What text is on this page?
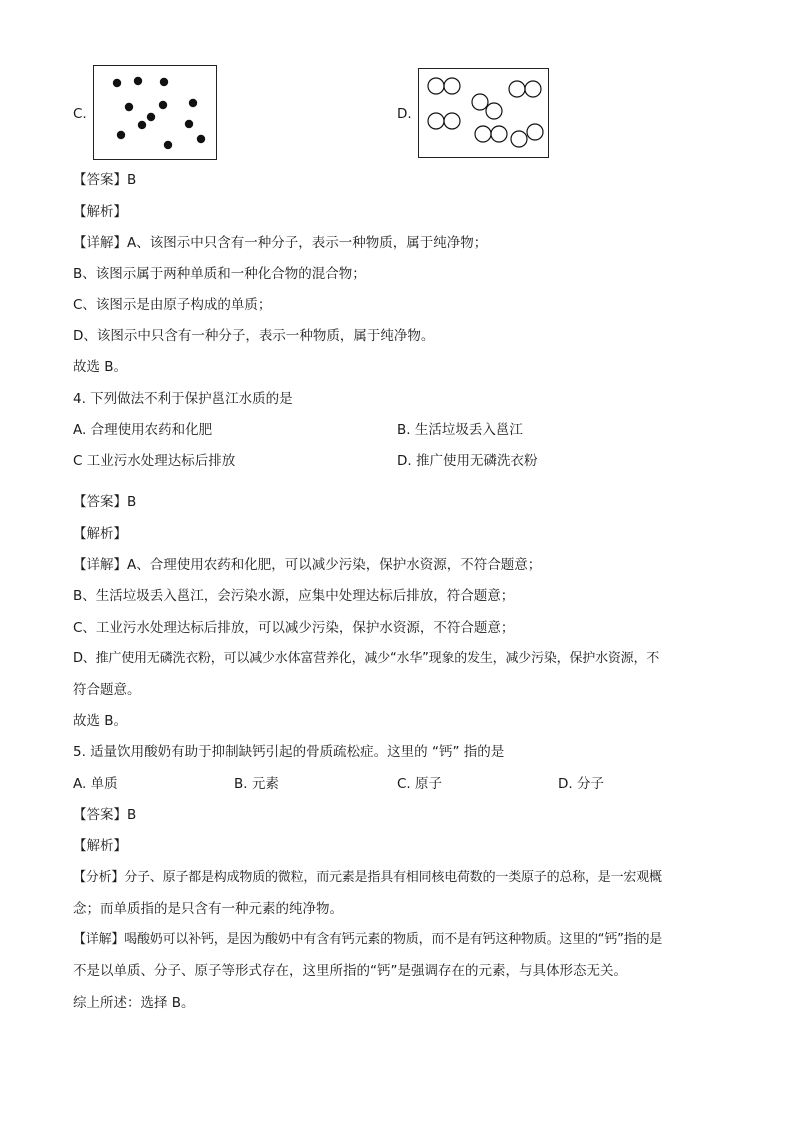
C.	D.
【答案】B
【解析】
【详解】A、该图示中只含有一种分子，表示一种物质，属于纯净物；
B、该图示属于两种单质和一种化合物的混合物；
C、该图示是由原子构成的单质；
D、该图示中只含有一种分子，表示一种物质，属于纯净物。
故选 B。
4. 下列做法不利于保护邕江水质的是
A. 合理使用农药和化肥	B. 生活垃圾丢入邕江
C 工业污水处理达标后排放	D. 推广使用无磷洗衣粉
【答案】B
【解析】
【详解】A、合理使用农药和化肥，可以减少污染，保护水资源，不符合题意；
B、生活垃圾丢入邕江，会污染水源，应集中处理达标后排放，符合题意；
C、工业污水处理达标后排放，可以减少污染，保护水资源，不符合题意；
D、推广使用无磷洗衣粉，可以减少水体富营养化，减少“水华”现象的发生，减少污染，保护水资源，不
符合题意。
故选 B。
5. 适量饮用酸奶有助于抑制缺钙引起的骨质疏松症。这里的 “钙” 指的是
A. 单质	B. 元素	C. 原子	D. 分子
【答案】B
【解析】
【分析】分子、原子都是构成物质的微粒，而元素是指具有相同核电荷数的一类原子的总称，是一宏观概
念；而单质指的是只含有一种元素的纯净物。
【详解】喝酸奶可以补钙，是因为酸奶中有含有钙元素的物质，而不是有钙这种物质。这里的“钙”指的是
不是以单质、分子、原子等形式存在，这里所指的“钙”是强调存在的元素，与具体形态无关。
综上所述：选择 B。
